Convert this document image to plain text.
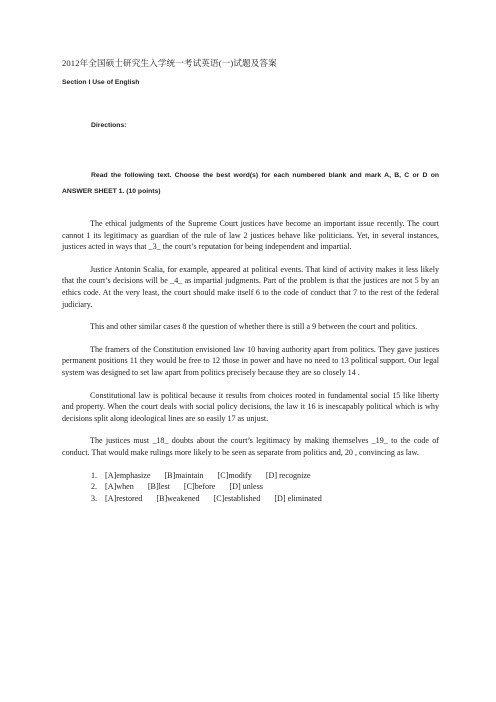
2012年全国硕士研究生入学统一考试英语(一)试题及答案

Section I Use of English

Directions:

Read the following text. Choose the best word(s) for each numbered blank and mark A, B, C or D on ANSWER SHEET 1. (10 points)

The ethical judgments of the Supreme Court justices have become an important issue recently. The court cannot 1 its legitimacy as guardian of the rule of law 2 justices behave like politicians. Yet, in several instances, justices acted in ways that _3_ the court’s reputation for being independent and impartial.

Justice Antonin Scalia, for example, appeared at political events. That kind of activity makes it less likely that the court’s decisions will be _4_ as impartial judgments. Part of the problem is that the justices are not 5 by an ethics code. At the very least, the court should make itself 6 to the code of conduct that 7 to the rest of the federal judiciary.

This and other similar cases 8 the question of whether there is still a 9 between the court and politics.

The framers of the Constitution envisioned law 10 having authority apart from politics. They gave justices permanent positions 11 they would be free to 12 those in power and have no need to 13 political support. Our legal system was designed to set law apart from politics precisely because they are so closely 14 .

Constitutional law is political because it results from choices rooted in fundamental social 15 like liberty and property. When the court deals with social policy decisions, the law it 16 is inescapably political which is why decisions split along ideological lines are so easily 17 as unjust.

The justices must _18_ doubts about the court’s legitimacy by making themselves _19_ to the code of conduct. That would make rulings more likely to be seen as separate from politics and, 20 , convincing as law.

1. [A]emphasize [B]maintain [C]modify [D] recognize
2. [A]when [B]lest [C]before [D] unless
3. [A]restored [B]weakened [C]established [D] eliminated
